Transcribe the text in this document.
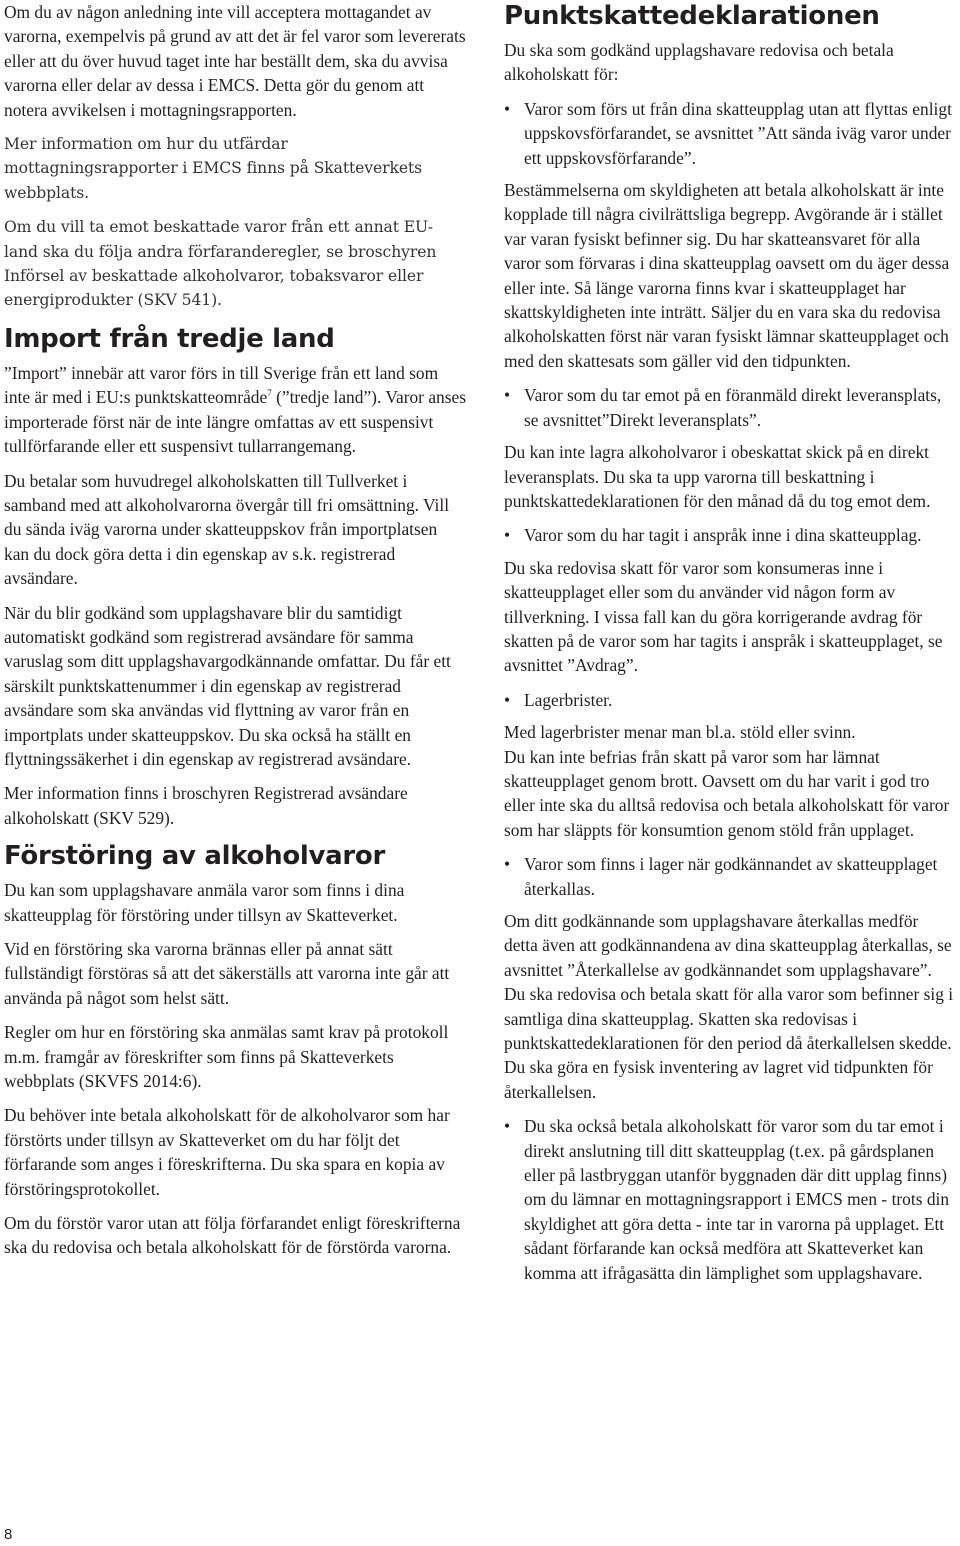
Om du av någon anledning inte vill acceptera mottagandet av varorna, exempelvis på grund av att det är fel varor som levererats eller att du över huvud taget inte har beställt dem, ska du avvisa varorna eller delar av dessa i EMCS. Detta gör du genom att notera avvikelsen i mottagningsrapporten.

Mer information om hur du utfärdar mottagningsrapporter i EMCS finns på Skatteverkets webbplats.

Om du vill ta emot beskattade varor från ett annat EU-land ska du följa andra förfaranderegler, se broschyren Införsel av beskattade alkoholvaror, tobaksvaror eller energiprodukter (SKV 541).

Import från tredje land

”Import” innebär att varor förs in till Sverige från ett land som inte är med i EU:s punktskatteområde$^7$ (”tredje land”). Varor anses importerade först när de inte längre omfattas av ett suspensivt tullförfarande eller ett suspensivt tullarrangemang.

Du betalar som huvudregel alkoholskatten till Tullverket i samband med att alkoholvarorna övergår till fri omsättning. Vill du sända iväg varorna under skatteuppskov från importplatsen kan du dock göra detta i din egenskap av s.k. registrerad avsändare.

När du blir godkänd som upplagshavare blir du samtidigt automatiskt godkänd som registrerad avsändare för samma varuslag som ditt upplagshavargodkännande omfattar. Du får ett särskilt punktskattenummer i din egenskap av registrerad avsändare som ska användas vid flyttning av varor från en importplats under skatteuppskov. Du ska också ha ställt en flyttningssäkerhet i din egenskap av registrerad avsändare.

Mer information finns i broschyren Registrerad avsändare alkoholskatt (SKV 529).

Förstöring av alkoholvaror

Du kan som upplagshavare anmäla varor som finns i dina skatteupplag för förstöring under tillsyn av Skatteverket.

Vid en förstöring ska varorna brännas eller på annat sätt fullständigt förstöras så att det säkerställs att varorna inte går att använda på något som helst sätt.

Regler om hur en förstöring ska anmälas samt krav på protokoll m.m. framgår av föreskrifter som finns på Skatteverkets webbplats (SKVFS 2014:6).

Du behöver inte betala alkoholskatt för de alkoholvaror som har förstörts under tillsyn av Skatteverket om du har följt det förfarande som anges i föreskrifterna. Du ska spara en kopia av förstöringsprotokollet.

Om du förstör varor utan att följa förfarandet enligt föreskrifterna ska du redovisa och betala alkoholskatt för de förstörda varorna.

Punktskattedeklarationen

Du ska som godkänd upplagshavare redovisa och betala alkoholskatt för:

• Varor som förs ut från dina skatteupplag utan att flyttas enligt uppskovsförfarandet, se avsnittet ”Att sända iväg varor under ett uppskovsförfarande”.

Bestämmelserna om skyldigheten att betala alkoholskatt är inte kopplade till några civilrättsliga begrepp. Avgörande är i stället var varan fysiskt befinner sig. Du har skatteansvaret för alla varor som förvaras i dina skatteupplag oavsett om du äger dessa eller inte. Så länge varorna finns kvar i skatteupplaget har skattskyldigheten inte inträtt. Säljer du en vara ska du redovisa alkoholskatten först när varan fysiskt lämnar skatteupplaget och med den skattesats som gäller vid den tidpunkten.

• Varor som du tar emot på en föranmäld direkt leveransplats, se avsnittet”Direkt leveransplats”.

Du kan inte lagra alkoholvaror i obeskattat skick på en direkt leveransplats. Du ska ta upp varorna till beskattning i punktskattedeklarationen för den månad då du tog emot dem.

• Varor som du har tagit i anspråk inne i dina skatteupplag.

Du ska redovisa skatt för varor som konsumeras inne i skatteupplaget eller som du använder vid någon form av tillverkning. I vissa fall kan du göra korrigerande avdrag för skatten på de varor som har tagits i anspråk i skatteupplaget, se avsnittet ”Avdrag”.

• Lagerbrister.

Med lagerbrister menar man bl.a. stöld eller svinn.

Du kan inte befrias från skatt på varor som har lämnat skatteupplaget genom brott. Oavsett om du har varit i god tro eller inte ska du alltså redovisa och betala alkoholskatt för varor som har släppts för konsumtion genom stöld från upplaget.

• Varor som finns i lager när godkännandet av skatteupplaget återkallas.

Om ditt godkännande som upplagshavare återkallas medför detta även att godkännandena av dina skatteupplag återkallas, se avsnittet ”Återkallelse av godkännandet som upplagshavare”. Du ska redovisa och betala skatt för alla varor som befinner sig i samtliga dina skatteupplag. Skatten ska redovisas i punktskattedeklarationen för den period då återkallelsen skedde. Du ska göra en fysisk inventering av lagret vid tidpunkten för återkallelsen.

• Du ska också betala alkoholskatt för varor som du tar emot i direkt anslutning till ditt skatteupplag (t.ex. på gårdsplanen eller på lastbryggan utanför byggnaden där ditt upplag finns) om du lämnar en mottagningsrapport i EMCS men - trots din skyldighet att göra detta - inte tar in varorna på upplaget. Ett sådant förfarande kan också medföra att Skatteverket kan komma att ifrågasätta din lämplighet som upplagshavare.
8
